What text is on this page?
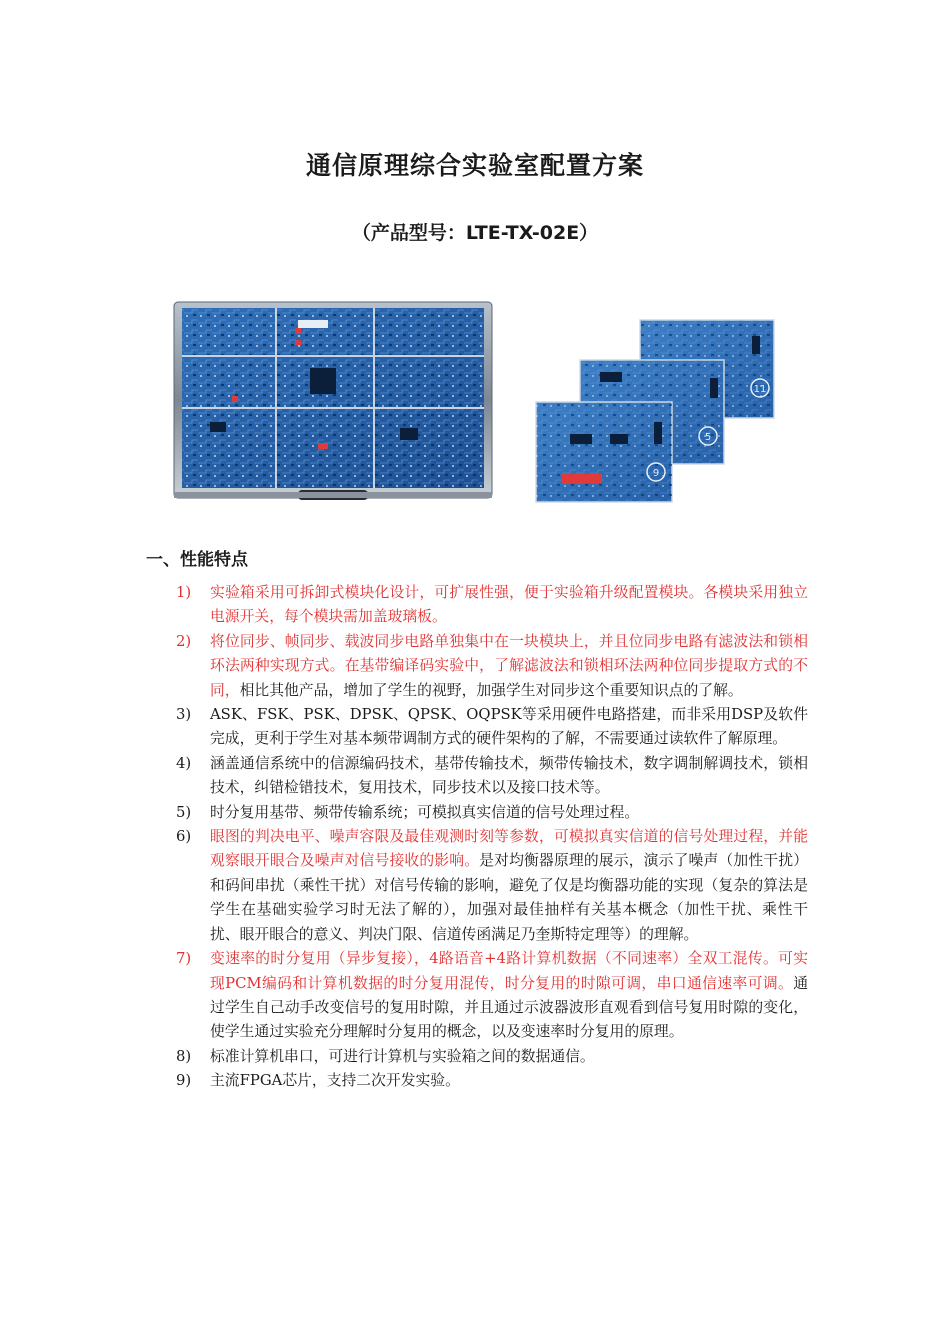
通信原理综合实验室配置方案
（产品型号：LTE-TX-02E）
11
5
9
一、性能特点
1)	实验箱采用可拆卸式模块化设计，可扩展性强，便于实验箱升级配置模块。各模块采用独立电源开关，每个模块需加盖玻璃板。
2)	将位同步、帧同步、载波同步电路单独集中在一块模块上，并且位同步电路有滤波法和锁相环法两种实现方式。在基带编译码实验中，了解滤波法和锁相环法两种位同步提取方式的不同，相比其他产品，增加了学生的视野，加强学生对同步这个重要知识点的了解。
3)	ASK、FSK、PSK、DPSK、QPSK、OQPSK等采用硬件电路搭建，而非采用DSP及软件完成，更利于学生对基本频带调制方式的硬件架构的了解，不需要通过读软件了解原理。
4)	涵盖通信系统中的信源编码技术，基带传输技术，频带传输技术，数字调制解调技术，锁相技术，纠错检错技术，复用技术，同步技术以及接口技术等。
5)	时分复用基带、频带传输系统；可模拟真实信道的信号处理过程。
6)	眼图的判决电平、噪声容限及最佳观测时刻等参数，可模拟真实信道的信号处理过程，并能观察眼开眼合及噪声对信号接收的影响。是对均衡器原理的展示，演示了噪声（加性干扰）和码间串扰（乘性干扰）对信号传输的影响，避免了仅是均衡器功能的实现（复杂的算法是学生在基础实验学习时无法了解的），加强对最佳抽样有关基本概念（加性干扰、乘性干扰、眼开眼合的意义、判决门限、信道传函满足乃奎斯特定理等）的理解。
7)	变速率的时分复用（异步复接），4路语音+4路计算机数据（不同速率）全双工混传。可实现PCM编码和计算机数据的时分复用混传，时分复用的时隙可调，串口通信速率可调。通过学生自己动手改变信号的复用时隙，并且通过示波器波形直观看到信号复用时隙的变化，使学生通过实验充分理解时分复用的概念，以及变速率时分复用的原理。
8)	标准计算机串口，可进行计算机与实验箱之间的数据通信。
9)	主流FPGA芯片，支持二次开发实验。
